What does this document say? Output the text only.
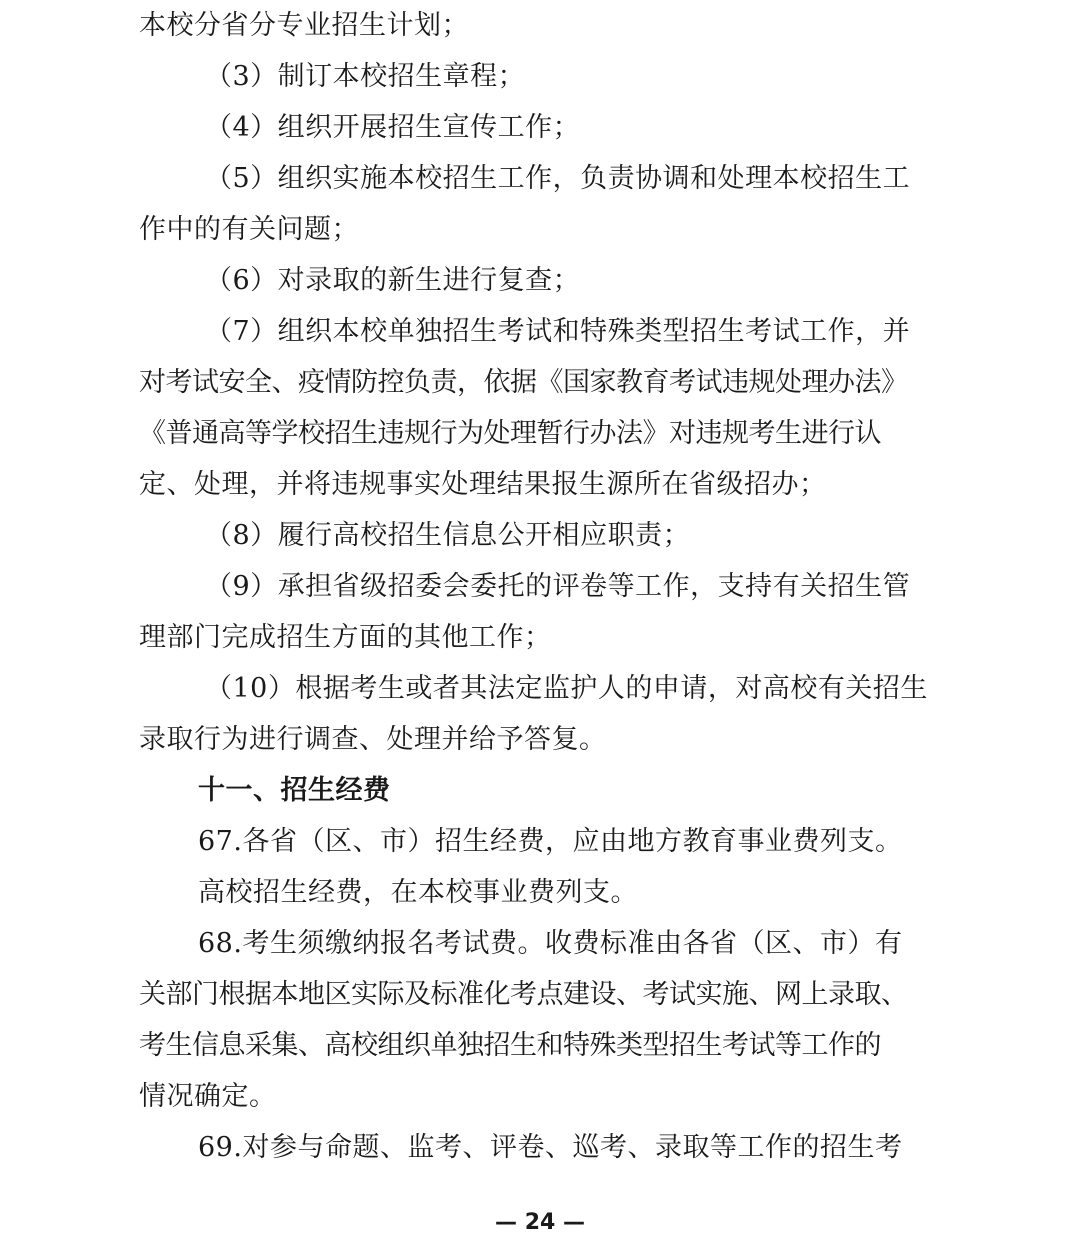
本校分省分专业招生计划；
（3）制订本校招生章程；
（4）组织开展招生宣传工作；
（5）组织实施本校招生工作，负责协调和处理本校招生工
作中的有关问题；
（6）对录取的新生进行复查；
（7）组织本校单独招生考试和特殊类型招生考试工作，并
对考试安全、疫情防控负责，依据《国家教育考试违规处理办法》
《普通高等学校招生违规行为处理暂行办法》对违规考生进行认
定、处理，并将违规事实处理结果报生源所在省级招办；
（8）履行高校招生信息公开相应职责；
（9）承担省级招委会委托的评卷等工作，支持有关招生管
理部门完成招生方面的其他工作；
（10）根据考生或者其法定监护人的申请，对高校有关招生
录取行为进行调查、处理并给予答复。
十一、招生经费
67.各省（区、市）招生经费，应由地方教育事业费列支。
高校招生经费，在本校事业费列支。
68.考生须缴纳报名考试费。收费标准由各省（区、市）有
关部门根据本地区实际及标准化考点建设、考试实施、网上录取、
考生信息采集、高校组织单独招生和特殊类型招生考试等工作的
情况确定。
69.对参与命题、监考、评卷、巡考、录取等工作的招生考
— 24 —
